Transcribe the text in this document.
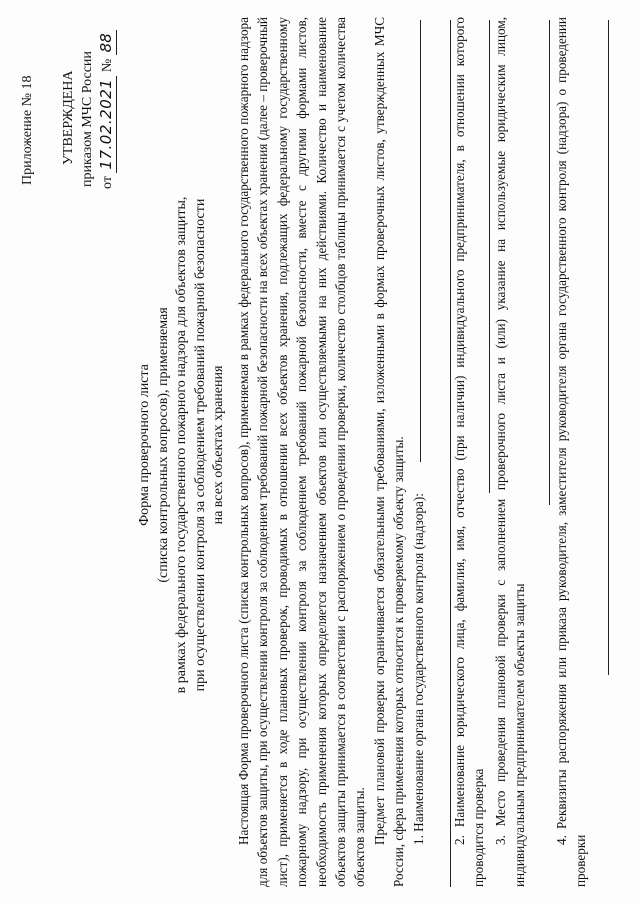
Приложение № 18 УТВЕРЖДЕНА приказом МЧС России от 17.02.2021 № 88
Форма проверочного листа (списка контрольных вопросов), применяемая в рамках федерального государственного пожарного надзора для объектов защиты, при осуществлении контроля за соблюдением требований пожарной безопасности на всех объектах хранения Настоящая Форма проверочного листа (списка контрольных вопросов), применяемая в рамках федерального государственного пожарного надзора для объектов защиты, при осуществлении контроля за соблюдением требований пожарной безопасности на всех объектах хранения (далее – проверочный лист), применяется в ходе плановых проверок, проводимых в отношении всех объектов хранения, подлежащих федеральному государственному пожарному надзору, при осуществлении контроля за соблюдением требований пожарной безопасности, вместе с другими формами листов, необходимость применения которых определяется назначением объектов или осуществляемыми на них действиями. Количество и наименование объектов защиты принимается в соответствии с распоряжением о проведении проверки, количество столбцов таблицы принимается с учетом количества объектов защиты. Предмет плановой проверки ограничивается обязательными требованиями, изложенными в формах проверочных листов, утвержденных МЧС России, сфера применения которых относится к проверяемому объекту защиты. 1. Наименование органа государственного контроля (надзора): 2. Наименование юридического лица, фамилия, имя, отчество (при наличии) индивидуального предпринимателя, в отношении которого проводится проверка 3. Место проведения плановой проверки с заполнением проверочного листа и (или) указание на используемые юридическим лицом, индивидуальным предпринимателем объекты защиты 4. Реквизиты распоряжения или приказа руководителя, заместителя руководителя органа государственного контроля (надзора) о проведении проверки
